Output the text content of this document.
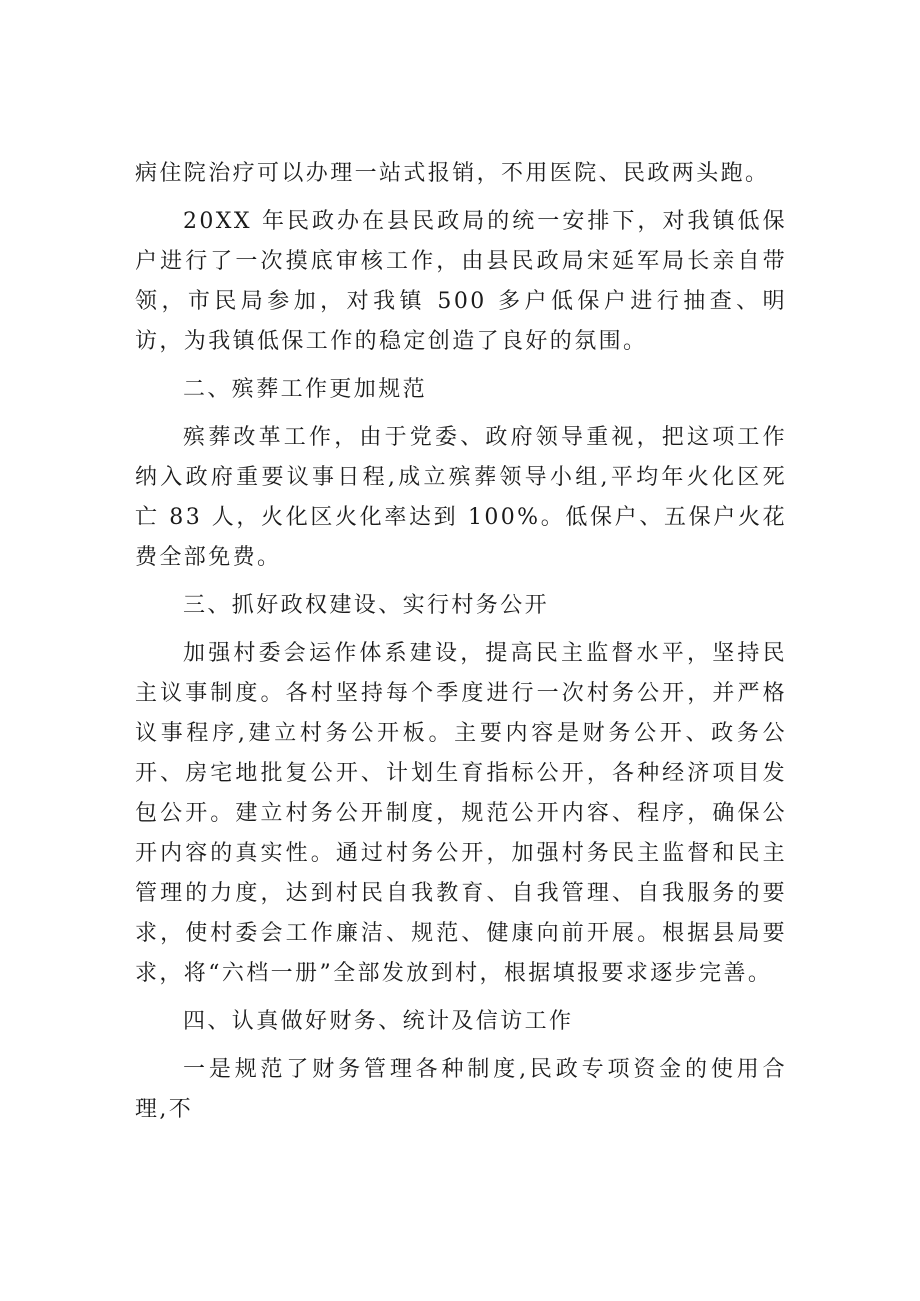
病住院治疗可以办理一站式报销，不用医院、民政两头跑。

20XX 年民政办在县民政局的统一安排下，对我镇低保户进行了一次摸底审核工作，由县民政局宋延军局长亲自带领，市民局参加，对我镇 500 多户低保户进行抽查、明访，为我镇低保工作的稳定创造了良好的氛围。

二、殡葬工作更加规范

殡葬改革工作，由于党委、政府领导重视，把这项工作纳入政府重要议事日程,成立殡葬领导小组,平均年火化区死亡 83 人，火化区火化率达到 100%。低保户、五保户火花费全部免费。

三、抓好政权建设、实行村务公开

加强村委会运作体系建设，提高民主监督水平，坚持民主议事制度。各村坚持每个季度进行一次村务公开，并严格议事程序,建立村务公开板。主要内容是财务公开、政务公开、房宅地批复公开、计划生育指标公开，各种经济项目发包公开。建立村务公开制度，规范公开内容、程序，确保公开内容的真实性。通过村务公开，加强村务民主监督和民主管理的力度，达到村民自我教育、自我管理、自我服务的要求，使村委会工作廉洁、规范、健康向前开展。根据县局要求，将“六档一册”全部发放到村，根据填报要求逐步完善。

四、认真做好财务、统计及信访工作

一是规范了财务管理各种制度,民政专项资金的使用合理,不
